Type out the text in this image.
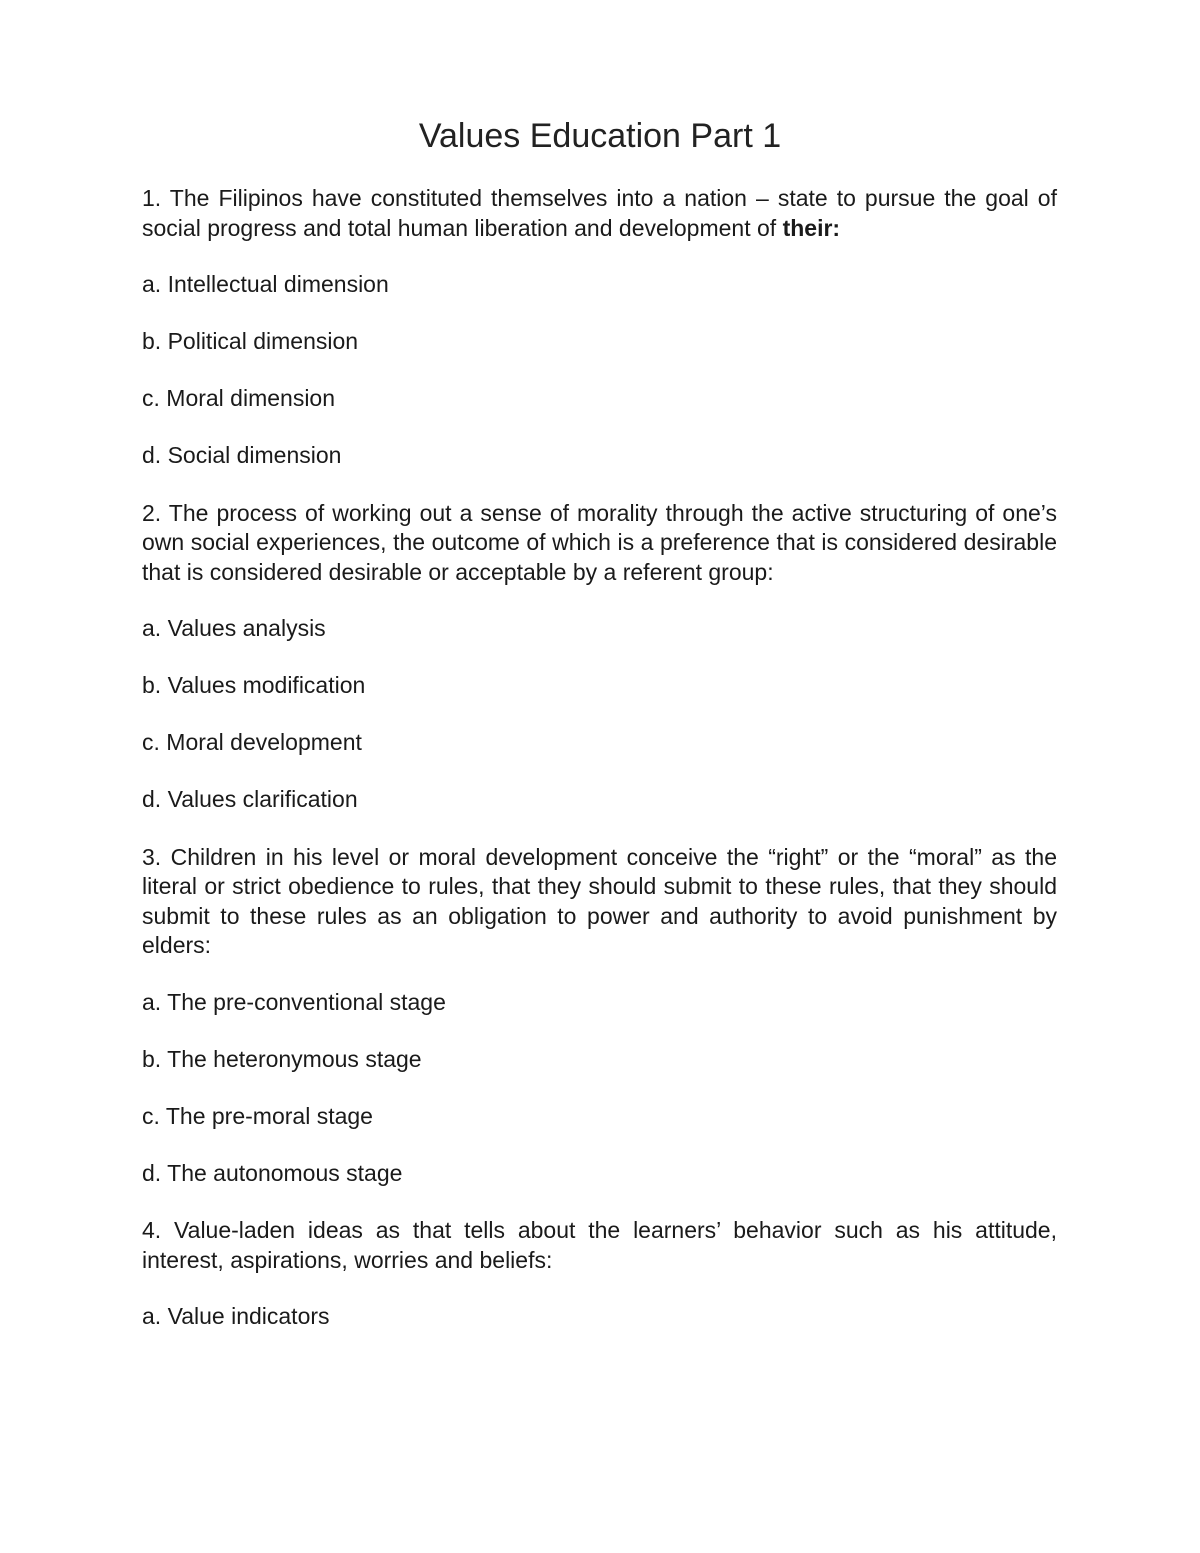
Values Education Part 1

1. The Filipinos have constituted themselves into a nation – state to pursue the goal of social progress and total human liberation and development of their:

a. Intellectual dimension

b. Political dimension

c. Moral dimension

d. Social dimension

2. The process of working out a sense of morality through the active structuring of one’s own social experiences, the outcome of which is a preference that is considered desirable that is considered desirable or acceptable by a referent group:

a. Values analysis

b. Values modification

c. Moral development

d. Values clarification

3. Children in his level or moral development conceive the “right” or the “moral” as the literal or strict obedience to rules, that they should submit to these rules, that they should submit to these rules as an obligation to power and authority to avoid punishment by elders:

a. The pre-conventional stage

b. The heteronymous stage

c. The pre-moral stage

d. The autonomous stage

4. Value-laden ideas as that tells about the learners’ behavior such as his attitude, interest, aspirations, worries and beliefs:

a. Value indicators
